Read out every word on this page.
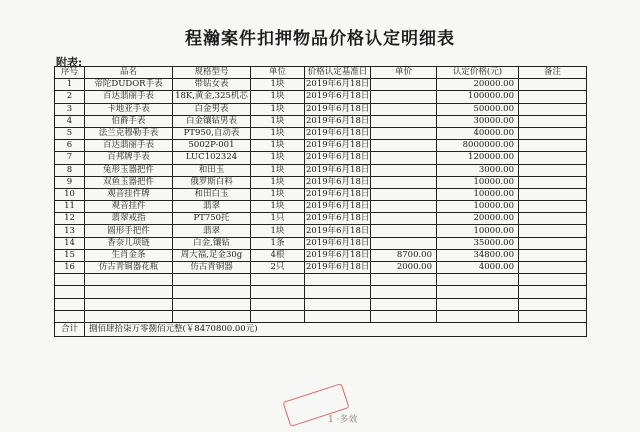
程瀚案件扣押物品价格认定明细表
附表:
序号	品名	规格型号	单位	价格认定基准日	单价	认定价格(元)	备注
1	帝陀DUDOR手表	带钻女表	1块	2019年6月18日		20000.00	
2	百达翡丽手表	18K,黄金,325机芯	1块	2019年6月18日		100000.00	
3	卡地亚手表	白金男表	1块	2019年6月18日		50000.00	
4	伯爵手表	白金镶钻男表	1块	2019年6月18日		30000.00	
5	法兰克穆勒手表	PT950,自动表	1块	2019年6月18日		40000.00	
6	百达翡丽手表	5002P-001	1块	2019年6月18日		8000000.00	
7	百邦牌手表	LUC102324	1块	2019年6月18日		120000.00	
8	兔形玉器把件	和田玉	1块	2019年6月18日		3000.00	
9	双鱼玉器把件	俄罗斯白料	1块	2019年6月18日		10000.00	
10	观音挂件牌	和田白玉	1块	2019年6月18日		10000.00	
11	观音挂件	翡翠	1块	2019年6月18日		10000.00	
12	翡翠戒指	PT750托	1只	2019年6月18日		20000.00	
13	圆形手把件	翡翠	1块	2019年6月18日		10000.00	
14	香奈儿项链	白金,镶钻	1条	2019年6月18日		35000.00	
15	生肖金条	周大福,足金30g	4根	2019年6月18日	8700.00	34800.00	
16	仿古青铜器花瓶	仿古青铜器	2只	2019年6月18日	2000.00	4000.00	

合计	捌佰肆拾柒万零捌佰元整(￥8470800.00元)						
1 ·多效
